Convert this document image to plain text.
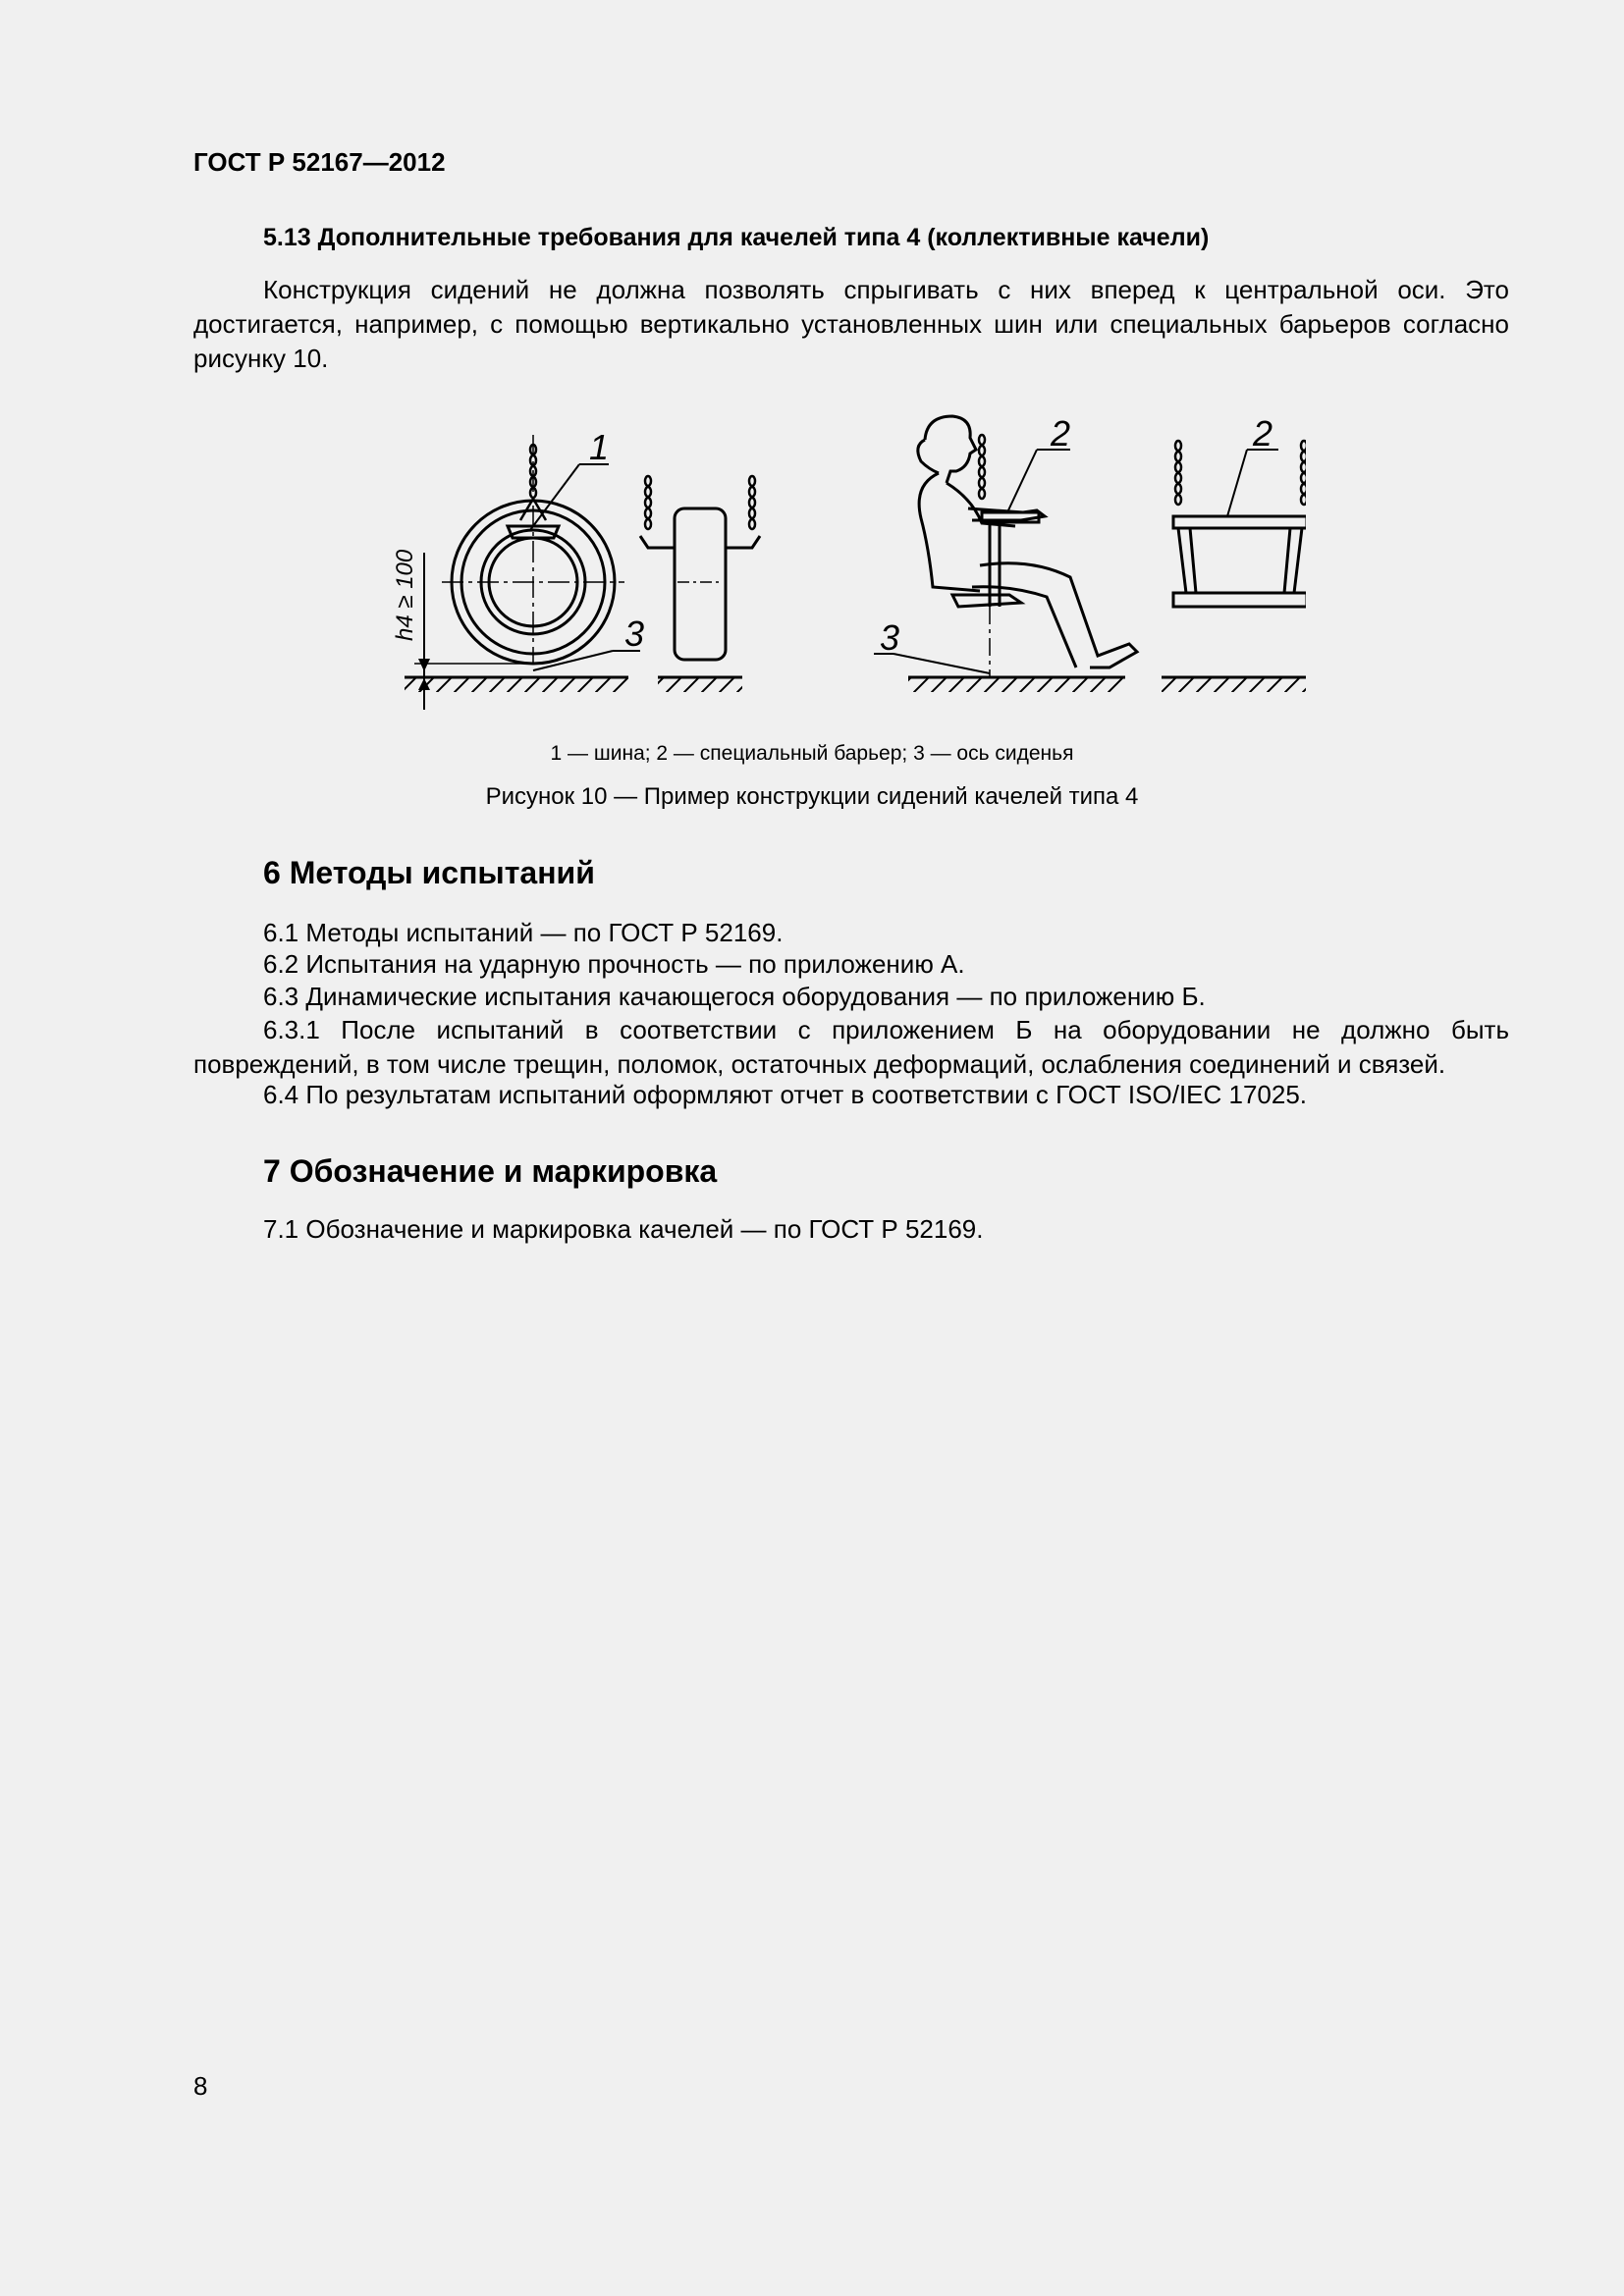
ГОСТ Р 52167—2012
5.13 Дополнительные требования для качелей типа 4 (коллективные качели)
Конструкция сидений не должна позволять спрыгивать с них вперед к центральной оси. Это достигается, например, с помощью вертикально установленных шин или специальных барьеров согласно рисунку 10.
1
3
2
3
2
h4 ≥ 100
1 — шина; 2 — специальный барьер; 3 — ось сиденья
Рисунок 10 — Пример конструкции сидений качелей типа 4
6 Методы испытаний
6.1 Методы испытаний — по ГОСТ Р 52169.
6.2 Испытания на ударную прочность — по приложению А.
6.3 Динамические испытания качающегося оборудования — по приложению Б.
6.3.1 После испытаний в соответствии с приложением Б на оборудовании не должно быть повреждений, в том числе трещин, поломок, остаточных деформаций, ослабления соединений и связей.
6.4 По результатам испытаний оформляют отчет в соответствии с ГОСТ ISO/IEC 17025.
7 Обозначение и маркировка
7.1 Обозначение и маркировка качелей — по ГОСТ Р 52169.
8
